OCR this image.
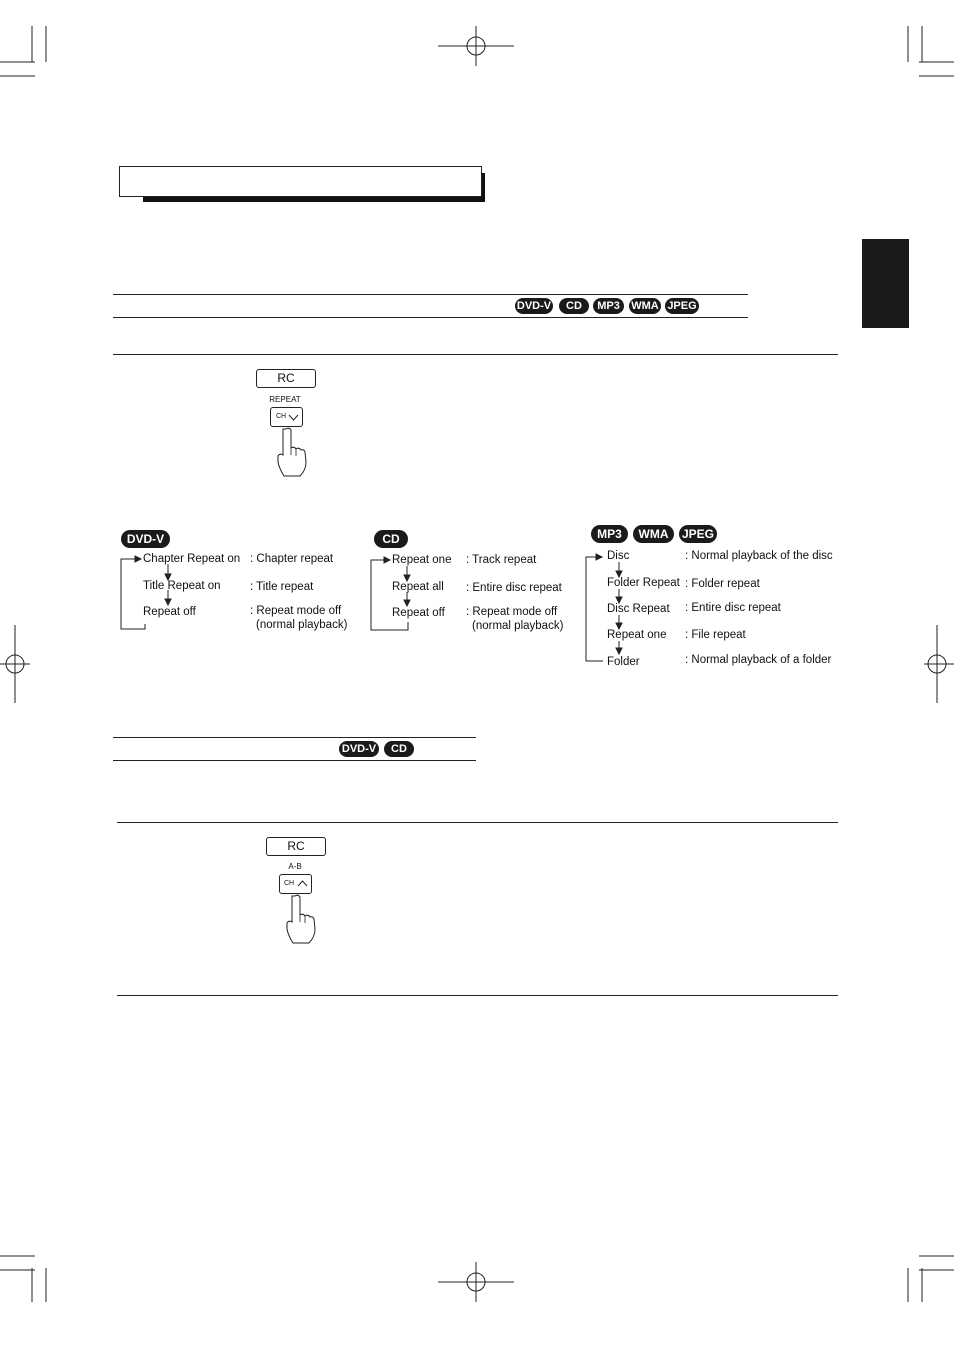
DVD-V	CD	MP3	WMA JPEG
RC
REPEAT
CH
DVD-V
Chapter Repeat on : Chapter repeat
Title Repeat on	: Title repeat
Repeat off	: Repeat mode off
(normal playback)
CD
Repeat one : Track repeat
Repeat all : Entire disc repeat
Repeat off : Repeat mode off
(normal playback)
MP3	WMA	JPEG
Disc	: Normal playback of the disc
Folder Repeat : Folder repeat
Disc Repeat : Entire disc repeat
Repeat one : File repeat
Folder	: Normal playback of a folder
DVD-V	CD
RC
A-B
CH
